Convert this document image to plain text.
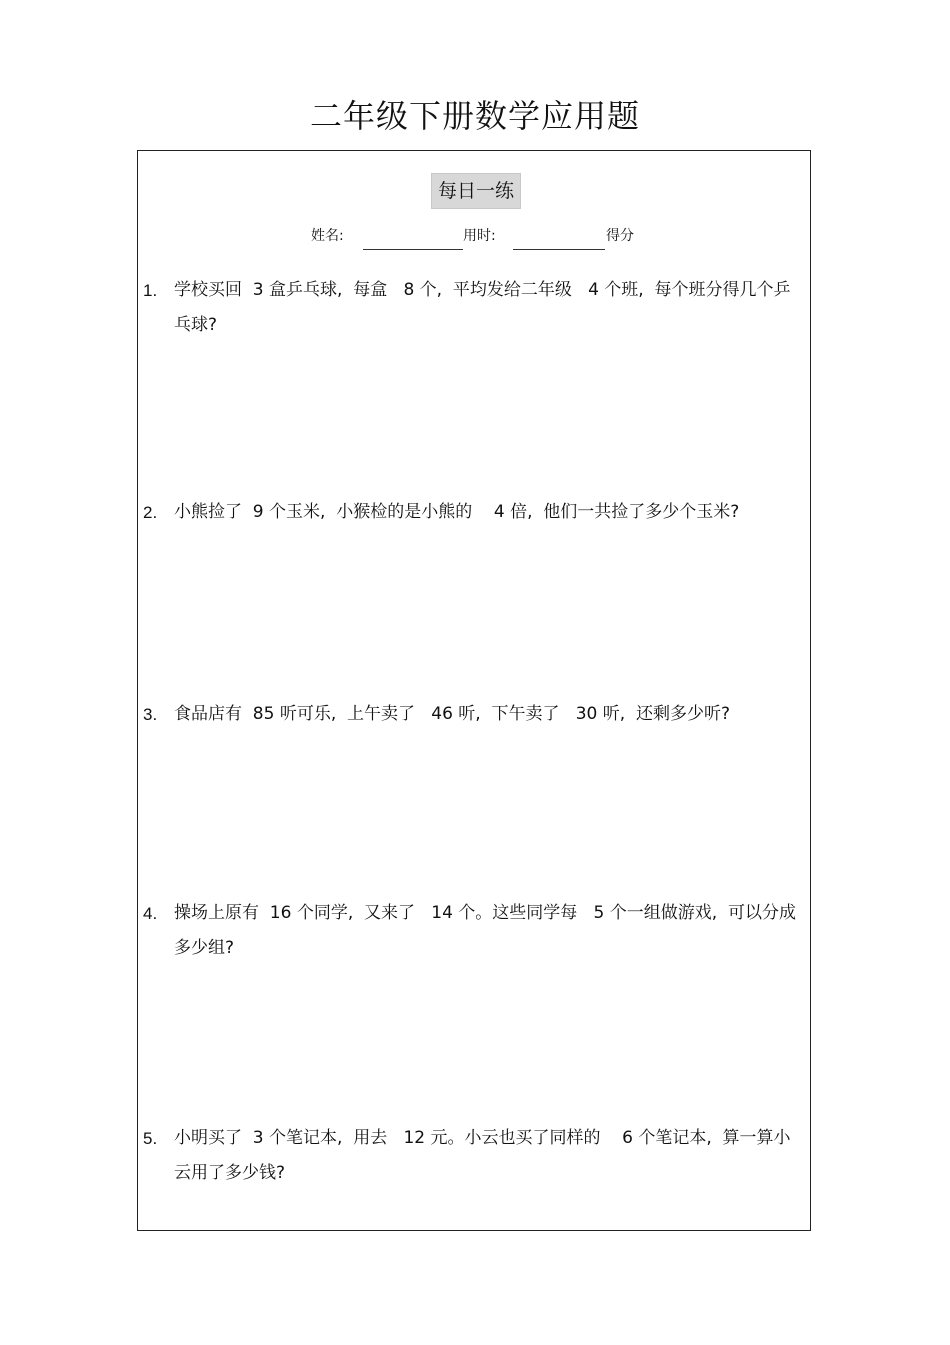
二年级下册数学应用题
每日一练
姓名:	用时:	得分
1. 学校买回  3 盒乒乓球,  每盒   8 个,  平均发给二年级   4 个班,  每个班分得几个乒乓球?
2. 小熊捡了  9 个玉米,  小猴检的是小熊的    4 倍,  他们一共捡了多少个玉米?
3. 食品店有  85 听可乐,  上午卖了   46 听,  下午卖了   30 听,  还剩多少听?
4. 操场上原有  16 个同学,  又来了   14 个。这些同学每   5 个一组做游戏,  可以分成多少组?
5. 小明买了  3 个笔记本,  用去   12 元。小云也买了同样的    6 个笔记本,  算一算小云用了多少钱?
